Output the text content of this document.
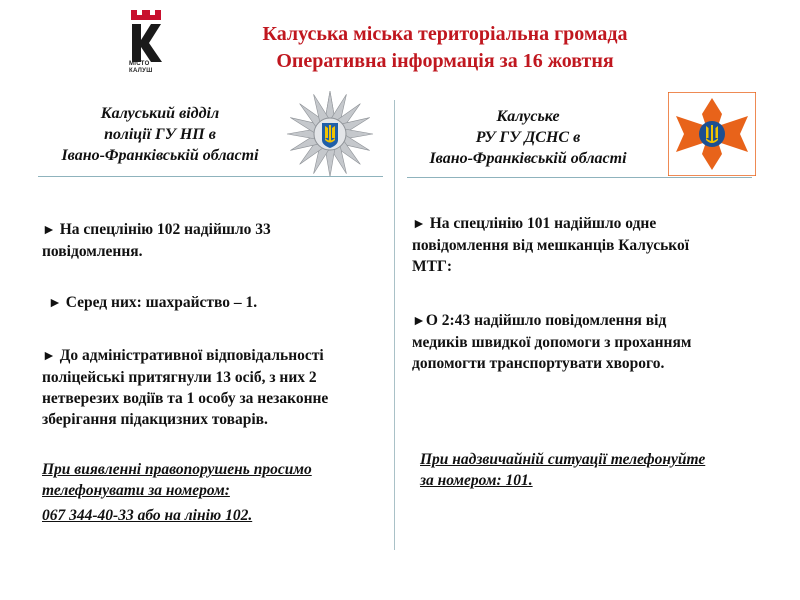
МІСТО
КАЛУШ
Калуська міська територіальна громада
Оперативна інформація за 16 жовтня
Калуський відділ
поліції ГУ НП в
Івано-Франківській області
Калуське
РУ ГУ ДСНС в
Івано-Франківській області
► На спецлінію 102 надійшло 33
повідомлення.
► Серед них: шахрайство – 1.
► До адміністративної відповідальності
поліцейські притягнули 13 осіб, з них 2
нетверезих водіїв та 1 особу за незаконне
зберігання підакцизних товарів.
При виявленні правопорушень просимо
телефонувати за номером:
067 344-40-33 або на лінію 102.
► На спецлінію 101 надійшло одне
повідомлення від мешканців Калуської
МТГ:
►О 2:43 надійшло повідомлення від
медиків швидкої допомоги з проханням
допомогти транспортувати хворого.
При надзвичайній ситуації телефонуйте
за номером: 101.
